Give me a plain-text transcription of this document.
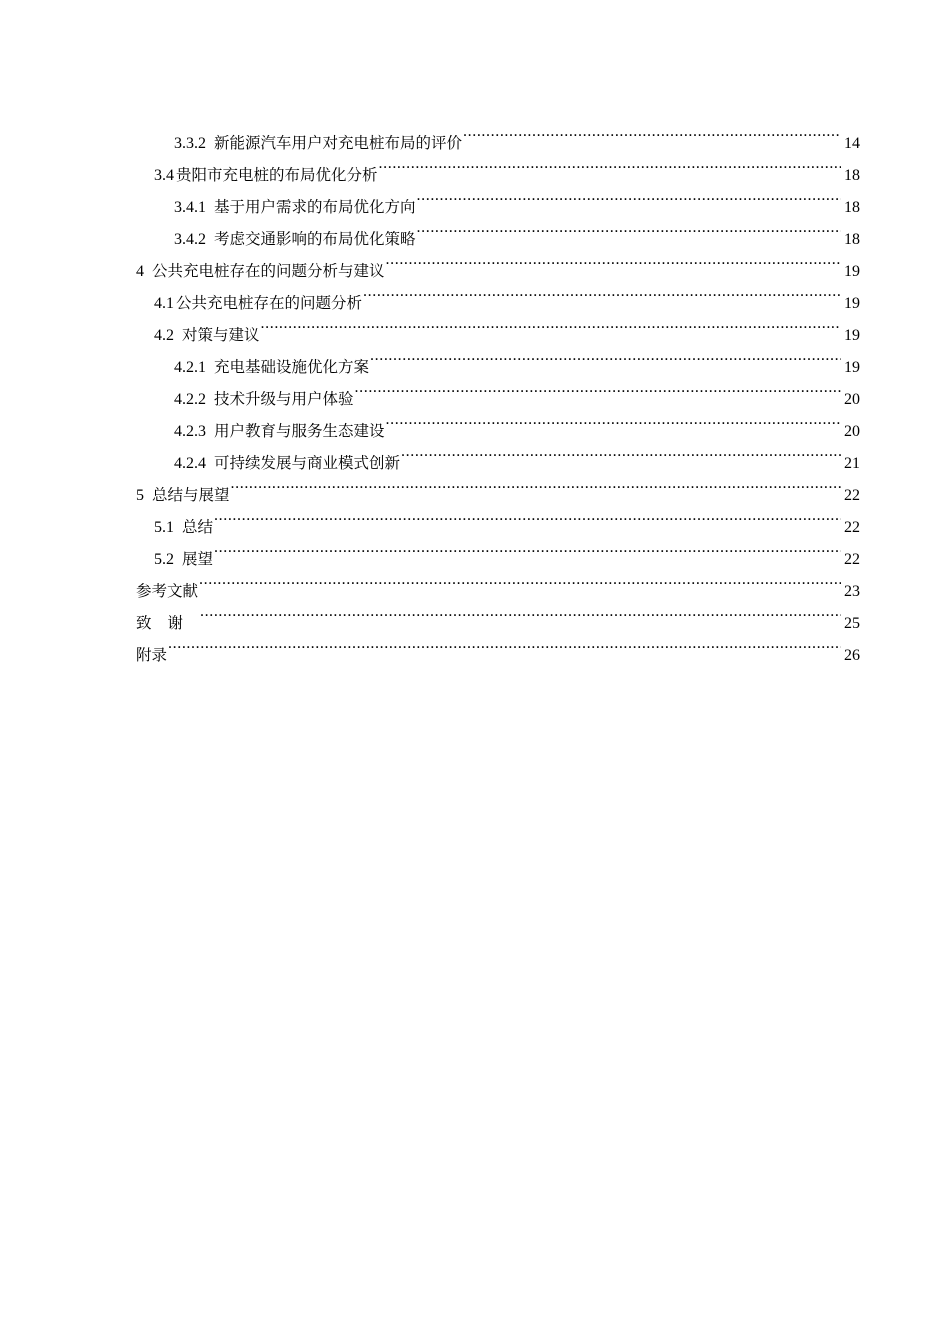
3.3.2 新能源汽车用户对充电桩布局的评价 .....	14
3.4 贵阳市充电桩的布局优化分析 .....	18
3.4.1 基于用户需求的布局优化方向 .....	18
3.4.2 考虑交通影响的布局优化策略 .....	18
4 公共充电桩存在的问题分析与建议 .....	19
4.1 公共充电桩存在的问题分析 .....	19
4.2 对策与建议 .....	19
4.2.1 充电基础设施优化方案 .....	19
4.2.2 技术升级与用户体验 .....	20
4.2.3 用户教育与服务生态建设 .....	20
4.2.4 可持续发展与商业模式创新 .....	21
5 总结与展望 .....	22
5.1 总结 .....	22
5.2 展望 .....	22
参考文献 .....	23
致谢 .....	25
附录 .....	26
